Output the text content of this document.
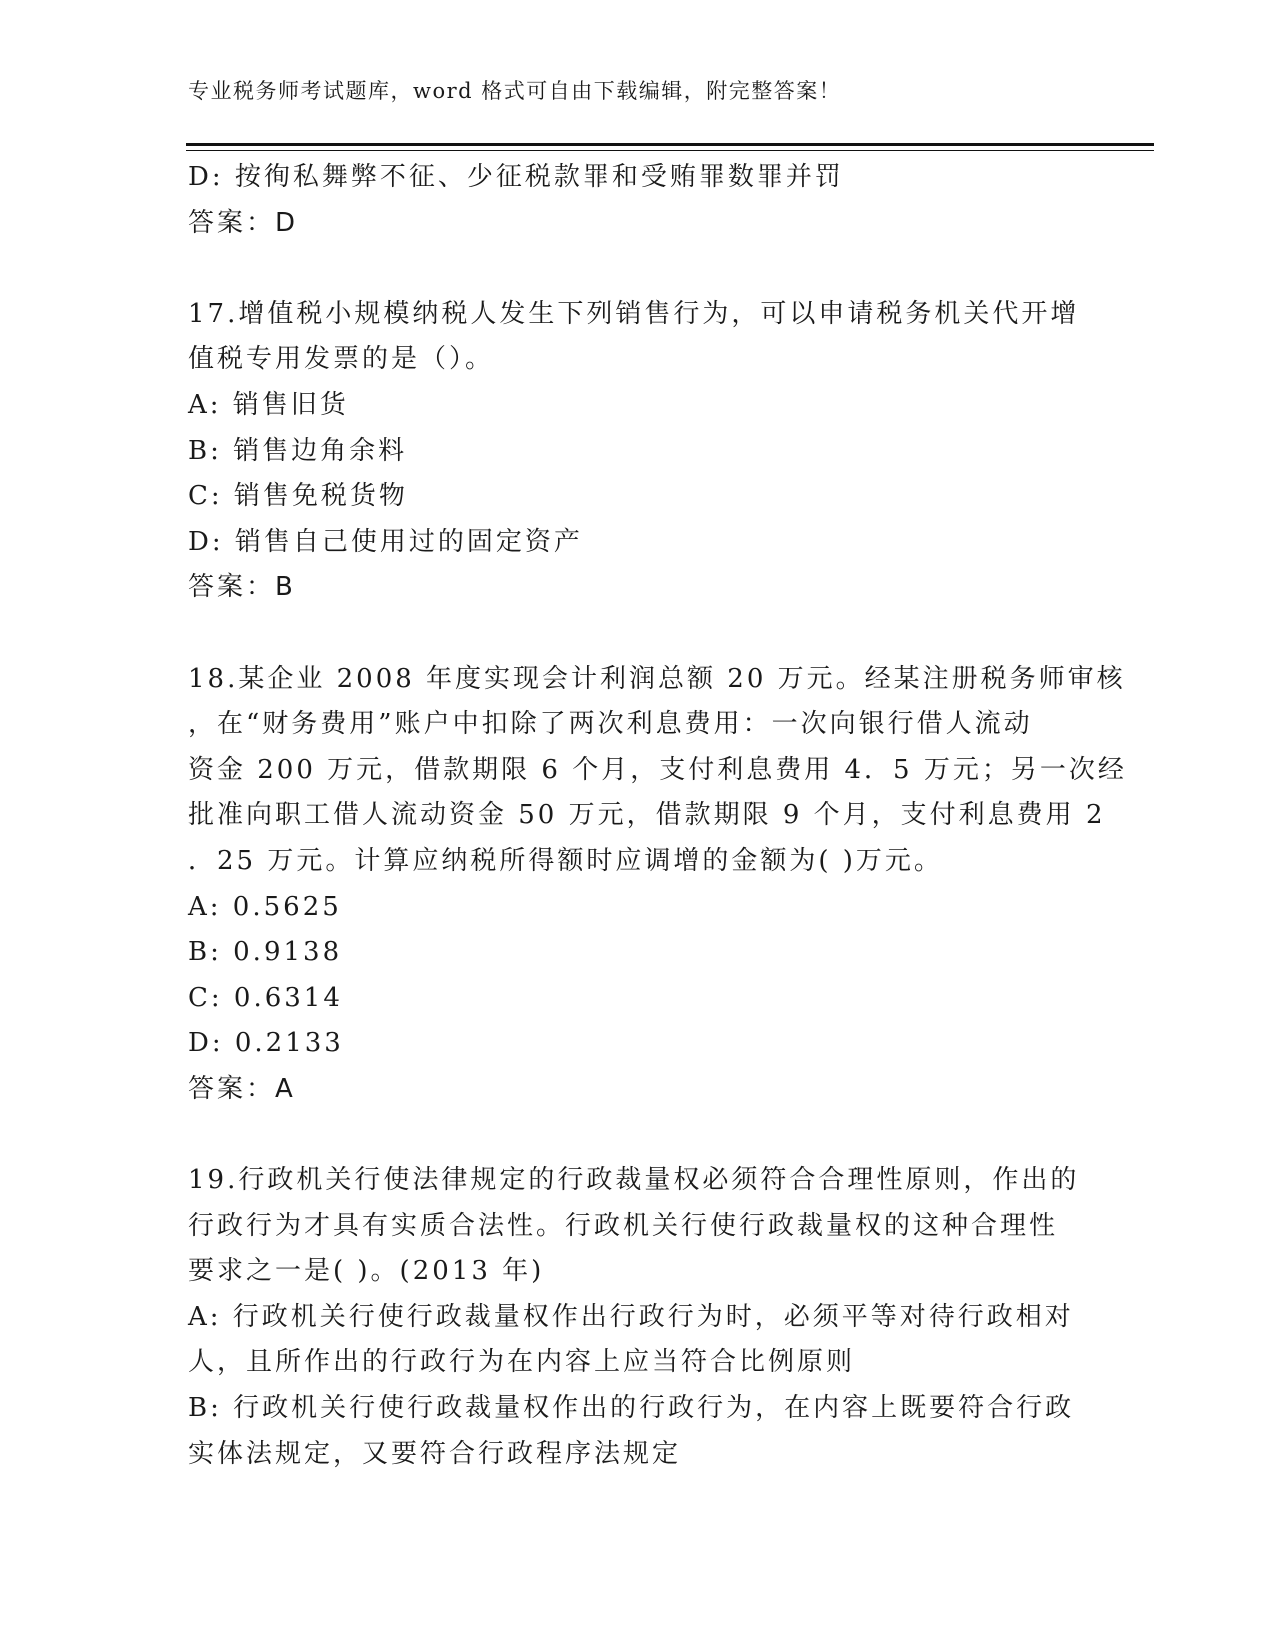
专业税务师考试题库，word 格式可自由下载编辑，附完整答案！

D: 按徇私舞弊不征、少征税款罪和受贿罪数罪并罚

答案：D

17.增值税小规模纳税人发生下列销售行为，可以申请税务机关代开增

值税专用发票的是（）。

A: 销售旧货

B: 销售边角余料

C: 销售免税货物

D: 销售自己使用过的固定资产

答案：B

18.某企业 2008 年度实现会计利润总额 20 万元。经某注册税务师审核

，在“财务费用”账户中扣除了两次利息费用：一次向银行借人流动

资金 200 万元，借款期限 6 个月，支付利息费用 4．5 万元；另一次经

批准向职工借人流动资金 50 万元，借款期限 9 个月，支付利息费用 2

．25 万元。计算应纳税所得额时应调增的金额为( )万元。

A: 0.5625

B: 0.9138

C: 0.6314

D: 0.2133

答案：A

19.行政机关行使法律规定的行政裁量权必须符合合理性原则，作出的

行政行为才具有实质合法性。行政机关行使行政裁量权的这种合理性

要求之一是( )。(2013 年)

A: 行政机关行使行政裁量权作出行政行为时，必须平等对待行政相对

人，且所作出的行政行为在内容上应当符合比例原则

B: 行政机关行使行政裁量权作出的行政行为，在内容上既要符合行政

实体法规定，又要符合行政程序法规定
